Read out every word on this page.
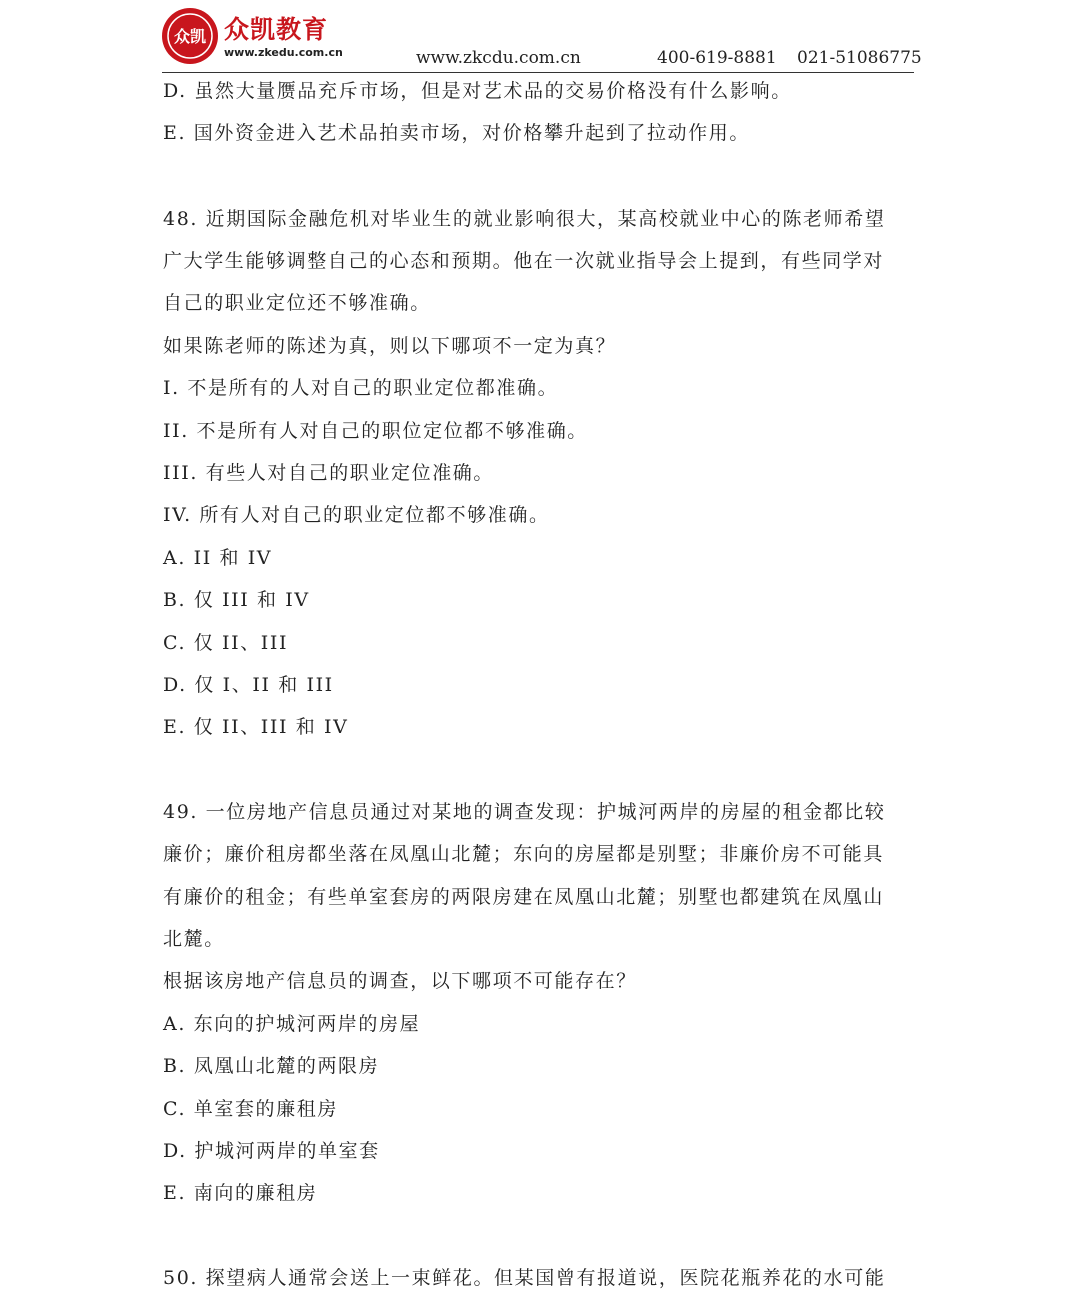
众凯 众凯教育
www.zkedu.com.cn	www.zkcdu.com.cn	400-619-8881 021-51086775
D. 虽然大量赝品充斥市场，但是对艺术品的交易价格没有什么影响。
E. 国外资金进入艺术品拍卖市场，对价格攀升起到了拉动作用。
48. 近期国际金融危机对毕业生的就业影响很大，某高校就业中心的陈老师希望
广大学生能够调整自己的心态和预期。他在一次就业指导会上提到，有些同学对
自己的职业定位还不够准确。
如果陈老师的陈述为真，则以下哪项不一定为真？
I. 不是所有的人对自己的职业定位都准确。
II. 不是所有人对自己的职位定位都不够准确。
III. 有些人对自己的职业定位准确。
IV. 所有人对自己的职业定位都不够准确。
A. II 和 IV
B. 仅 III 和 IV
C. 仅 II、III
D. 仅 I、II 和 III
E. 仅 II、III 和 IV
49. 一位房地产信息员通过对某地的调查发现：护城河两岸的房屋的租金都比较
廉价；廉价租房都坐落在凤凰山北麓；东向的房屋都是别墅；非廉价房不可能具
有廉价的租金；有些单室套房的两限房建在凤凰山北麓；别墅也都建筑在凤凰山
北麓。
根据该房地产信息员的调查，以下哪项不可能存在？
A. 东向的护城河两岸的房屋
B. 凤凰山北麓的两限房
C. 单室套的廉租房
D. 护城河两岸的单室套
E. 南向的廉租房
50. 探望病人通常会送上一束鲜花。但某国曾有报道说，医院花瓶养花的水可能
